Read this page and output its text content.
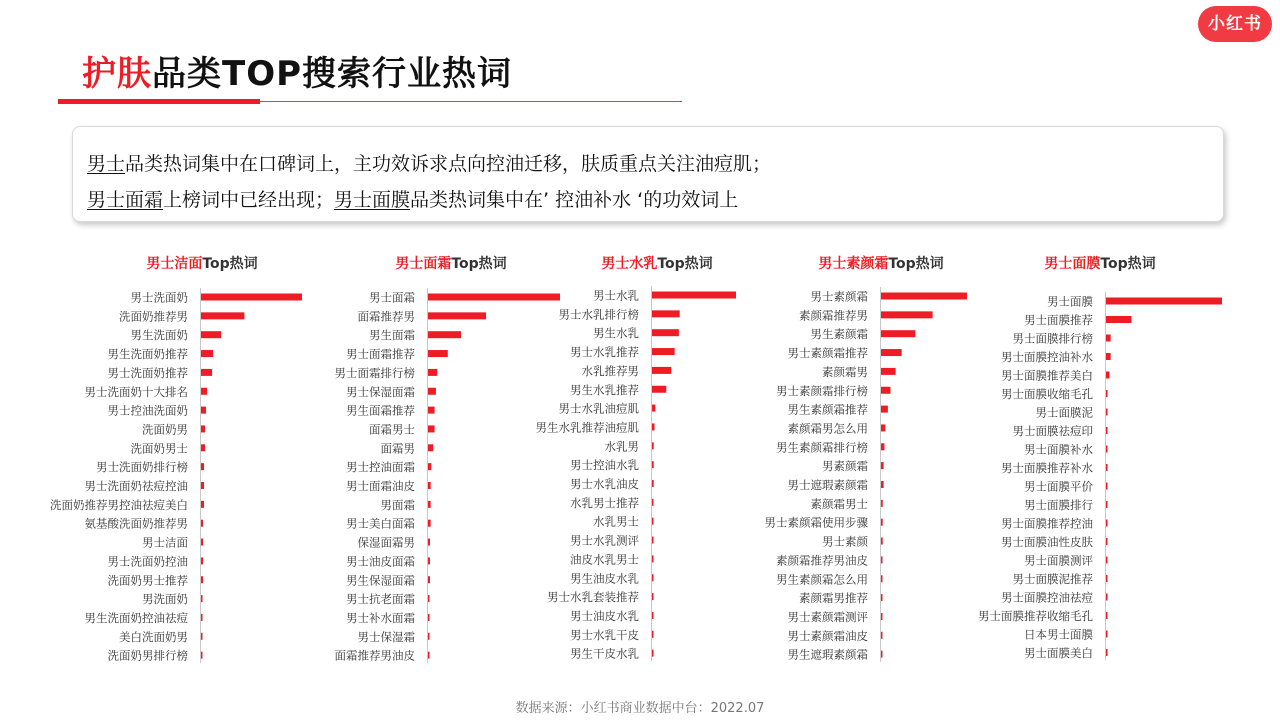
小红书
护肤品类TOP搜索行业热词
男士品类热词集中在口碑词上，主功效诉求点向控油迁移，肤质重点关注油痘肌；
男士面霜上榜词中已经出现；男士面膜品类热词集中在’ 控油补水 ‘的功效词上
男士洁面Top热词
男士洗面奶
洗面奶推荐男
男生洗面奶
男生洗面奶推荐
男士洗面奶推荐
男士洗面奶十大排名
男士控油洗面奶
洗面奶男
洗面奶男士
男士洗面奶排行榜
男士洗面奶祛痘控油
洗面奶推荐男控油祛痘美白
氨基酸洗面奶推荐男
男士洁面
男士洗面奶控油
洗面奶男士推荐
男洗面奶
男生洗面奶控油祛痘
美白洗面奶男
洗面奶男排行榜
男士面霜Top热词
男士面霜
面霜推荐男
男生面霜
男士面霜推荐
男士面霜排行榜
男士保湿面霜
男生面霜推荐
面霜男士
面霜男
男士控油面霜
男士面霜油皮
男面霜
男士美白面霜
保湿面霜男
男士油皮面霜
男生保湿面霜
男士抗老面霜
男士补水面霜
男士保湿霜
面霜推荐男油皮
男士水乳Top热词
男士水乳
男士水乳排行榜
男生水乳
男士水乳推荐
水乳推荐男
男生水乳推荐
男士水乳油痘肌
男生水乳推荐油痘肌
水乳男
男士控油水乳
男士水乳油皮
水乳男士推荐
水乳男士
男士水乳测评
油皮水乳男士
男生油皮水乳
男士水乳套装推荐
男士油皮水乳
男士水乳干皮
男生干皮水乳
男士素颜霜Top热词
男士素颜霜
素颜霜推荐男
男生素颜霜
男士素颜霜推荐
素颜霜男
男士素颜霜排行榜
男生素颜霜推荐
素颜霜男怎么用
男生素颜霜排行榜
男素颜霜
男士遮瑕素颜霜
素颜霜男士
男士素颜霜使用步骤
男士素颜
素颜霜推荐男油皮
男生素颜霜怎么用
素颜霜男推荐
男士素颜霜测评
男士素颜霜油皮
男生遮瑕素颜霜
男士面膜Top热词
男士面膜
男士面膜推荐
男士面膜排行榜
男士面膜控油补水
男士面膜推荐美白
男士面膜收缩毛孔
男士面膜泥
男士面膜祛痘印
男士面膜补水
男士面膜推荐补水
男士面膜平价
男士面膜排行
男士面膜推荐控油
男士面膜油性皮肤
男士面膜测评
男士面膜泥推荐
男士面膜控油祛痘
男士面膜推荐收缩毛孔
日本男士面膜
男士面膜美白
数据来源：小红书商业数据中台：2022.07
